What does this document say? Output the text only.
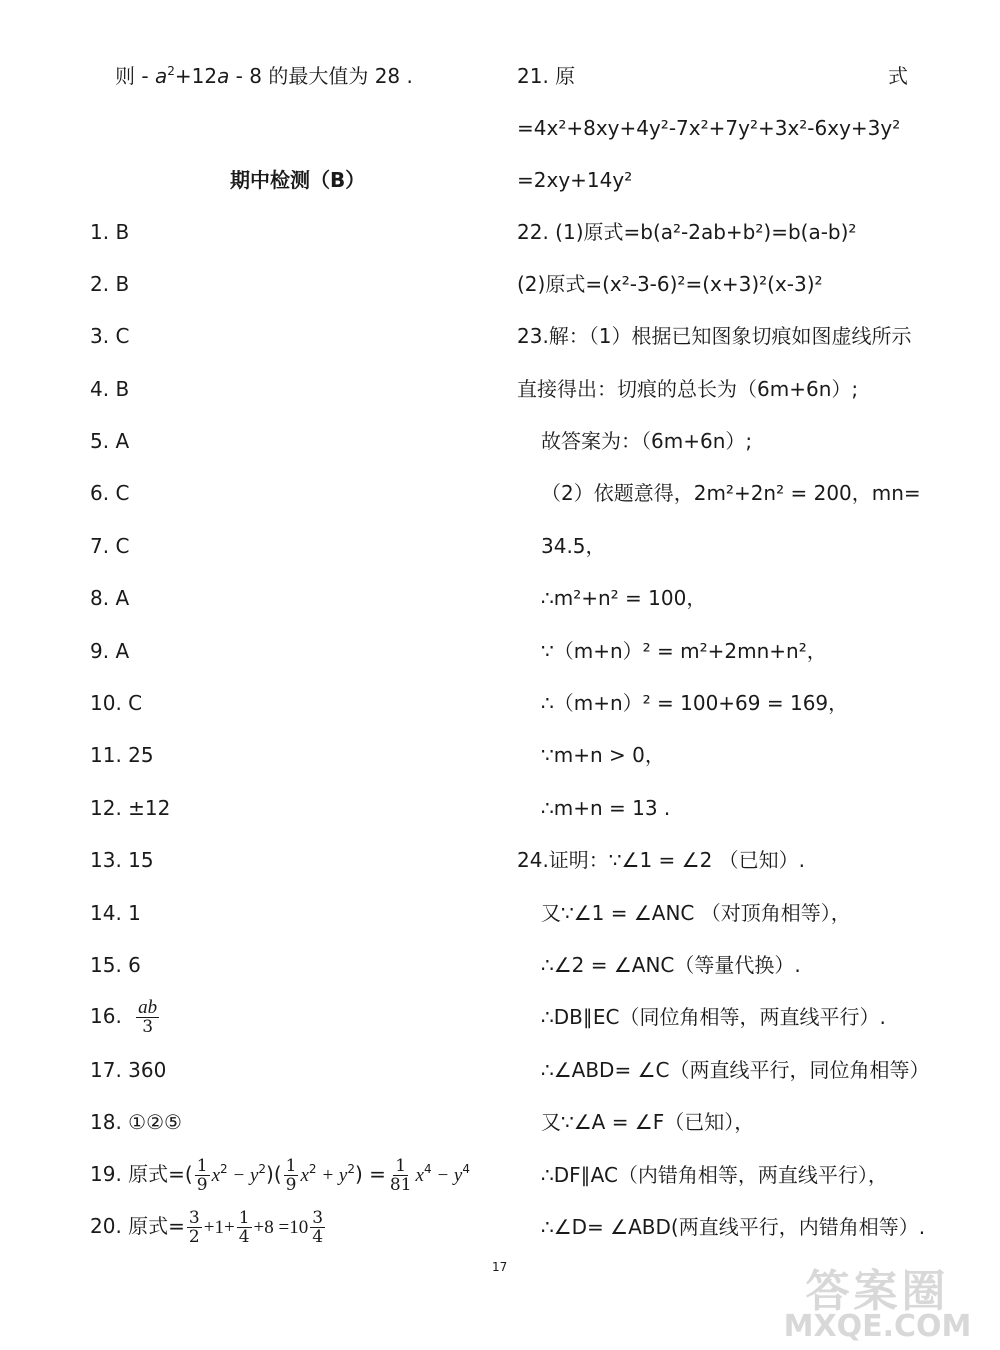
则 - $a^2+12a - 8$ 的最大值为 28 .
期中检测（B）
1. B
2. B
3. C
4. B
5. A
6. C
7. C
8. A
9. A
10. C
11. 25
12. ±12
13. 15
14. 1
15. 6
16. $\frac{ab}{3}$
17. 360
18. ①②⑤
19. 原式=( $\frac{1}{9} x^2 - y^2)( \frac{1}{9} x^2 + y^2) = \frac{1}{81} x^4 - y^4$
20. 原式= $\frac{3}{2} +1+ \frac{1}{4} +8 =10 \frac{3}{4}$
21. 原	式
=4x²+8xy+4y²-7x²+7y²+3x²-6xy+3y²
=2xy+14y²
22. (1)原式=b(a²-2ab+b²)=b(a-b)²
(2)原式=(x²-3-6)²=(x+3)²(x-3)²
23.解：（1）根据已知图象切痕如图虚线所示
直接得出：切痕的总长为（6m+6n）;
故答案为：（6m+6n）;
（2）依题意得，2m²+2n² = 200，mn=
34.5，
∴m²+n² = 100，
∵（m+n）² = m²+2mn+n²，
∴（m+n）² = 100+69 = 169，
∵m+n > 0，
∴m+n = 13 .
24.证明：∵∠1 = ∠2 （已知）.
又∵∠1 = ∠ANC （对顶角相等），
∴∠2 = ∠ANC（等量代换）.
∴DB∥EC（同位角相等，两直线平行）.
∴∠ABD= ∠C（两直线平行，同位角相等）
又∵∠A = ∠F（已知），
∴DF∥AC（内错角相等，两直线平行），
∴∠D= ∠ABD(两直线平行，内错角相等）.
17	答案圈
MXQE.COM
